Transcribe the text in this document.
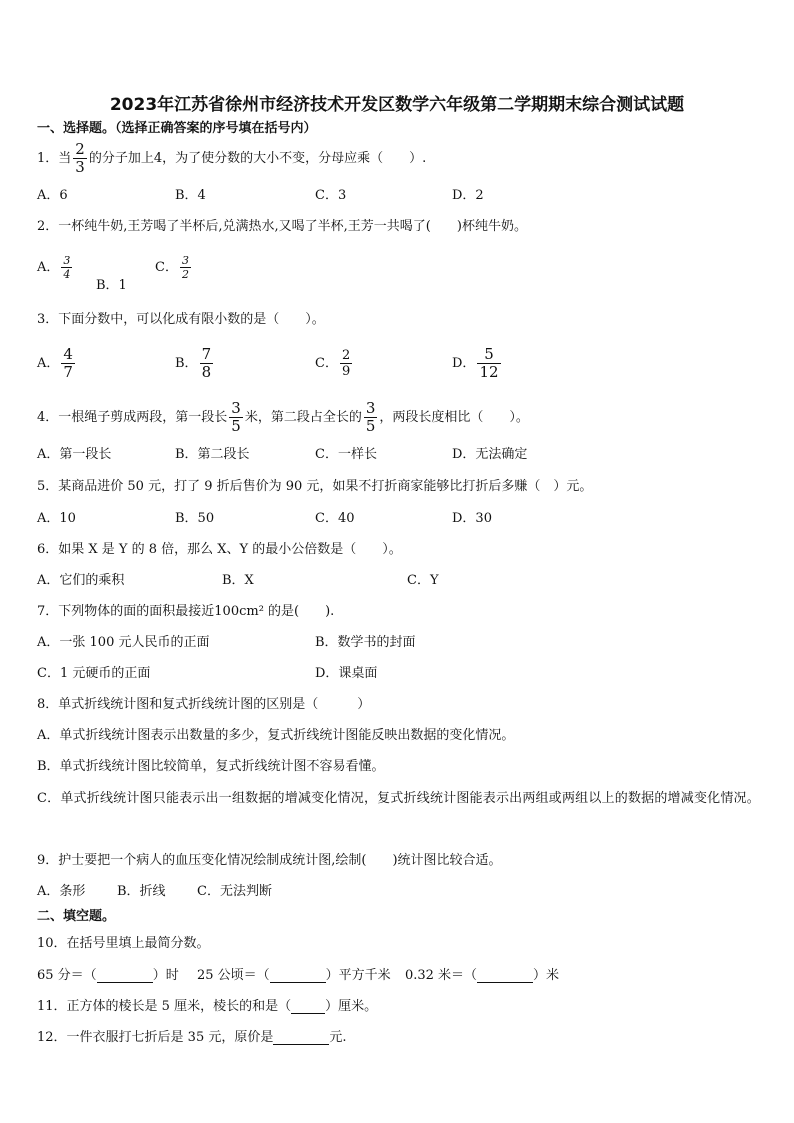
2023年江苏省徐州市经济技术开发区数学六年级第二学期期末综合测试试题
一、选择题。（选择正确答案的序号填在括号内）
1．当 $\frac{2}{3}$ 的分子加上4，为了使分数的大小不变，分母应乘（　　）.
A．6	B．4	C．3	D．2
2．一杯纯牛奶,王芳喝了半杯后,兑满热水,又喝了半杯,王芳一共喝了(　　)杯纯牛奶。
A． $\frac{3}{4}$
B．1
C． $\frac{3}{2}$
3．下面分数中，可以化成有限小数的是（　　）。
A． $\frac{4}{7}$	B． $\frac{7}{8}$	C． $\frac{2}{9}$	D． $\frac{5}{12}$
4．一根绳子剪成两段，第一段长 $\frac{3}{5}$ 米，第二段占全长的 $\frac{3}{5}$ ，两段长度相比（　　）。
A．第一段长	B．第二段长	C．一样长	D．无法确定
5．某商品进价 50 元，打了 9 折后售价为 90 元，如果不打折商家能够比打折后多赚（　）元。
A．10	B．50	C．40	D．30
6．如果 X 是 Y 的 8 倍，那么 X、Y 的最小公倍数是（　　）。
A．它们的乘积	B．X	C．Y
7．下列物体的面的面积最接近100cm² 的是(　　).
A．一张 100 元人民币的正面	B．数学书的封面
C．1 元硬币的正面	D．课桌面
8．单式折线统计图和复式折线统计图的区别是（　　　）
A．单式折线统计图表示出数量的多少，复式折线统计图能反映出数据的变化情况。
B．单式折线统计图比较简单，复式折线统计图不容易看懂。
C．单式折线统计图只能表示出一组数据的增减变化情况，复式折线统计图能表示出两组或两组以上的数据的增减变化情况。
9．护士要把一个病人的血压变化情况绘制成统计图,绘制(　　)统计图比较合适。
A．条形 B．折线 C．无法判断
二、填空题。
10．在括号里填上最简分数。
65 分＝（	）时 25 公顷＝（	）平方千米 0.32 米＝（	）米
11．正方体的棱长是 5 厘米，棱长的和是（	）厘米。
12．一件衣服打七折后是 35 元，原价是	元.
